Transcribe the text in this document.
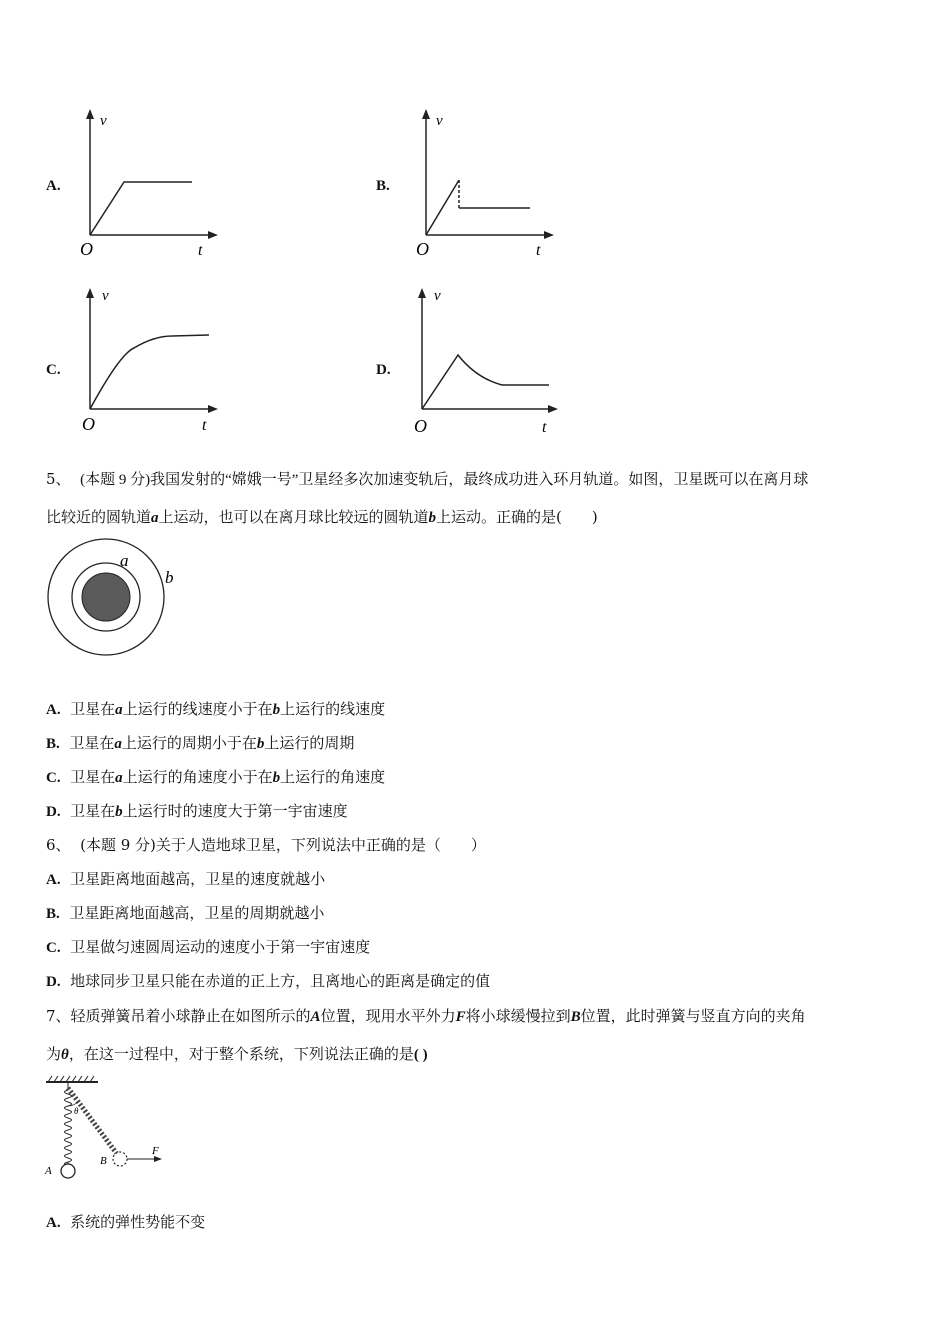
A.
v
t
O
B.
v
t
O
C.
v
t
O
D.
v
t
O
5、 (本题 9 分)我国发射的“嫦娥一号”卫星经多次加速变轨后，最终成功进入环月轨道。如图，卫星既可以在离月球
比较近的圆轨道a上运动，也可以在离月球比较远的圆轨道b上运动。正确的是(　　)
a
b
A. 卫星在a上运行的线速度小于在b上运行的线速度
B. 卫星在a上运行的周期小于在b上运行的周期
C. 卫星在a上运行的角速度小于在b上运行的角速度
D. 卫星在b上运行时的速度大于第一宇宙速度
6、 (本题 9 分)关于人造地球卫星，下列说法中正确的是（　　）
A. 卫星距离地面越高，卫星的速度就越小
B. 卫星距离地面越高，卫星的周期就越小
C. 卫星做匀速圆周运动的速度小于第一宇宙速度
D. 地球同步卫星只能在赤道的正上方，且离地心的距离是确定的值
7、轻质弹簧吊着小球静止在如图所示的A位置，现用水平外力F将小球缓慢拉到B位置，此时弹簧与竖直方向的夹角
为θ，在这一过程中，对于整个系统，下列说法正确的是( )
θ
F
A
B
A. 系统的弹性势能不变
